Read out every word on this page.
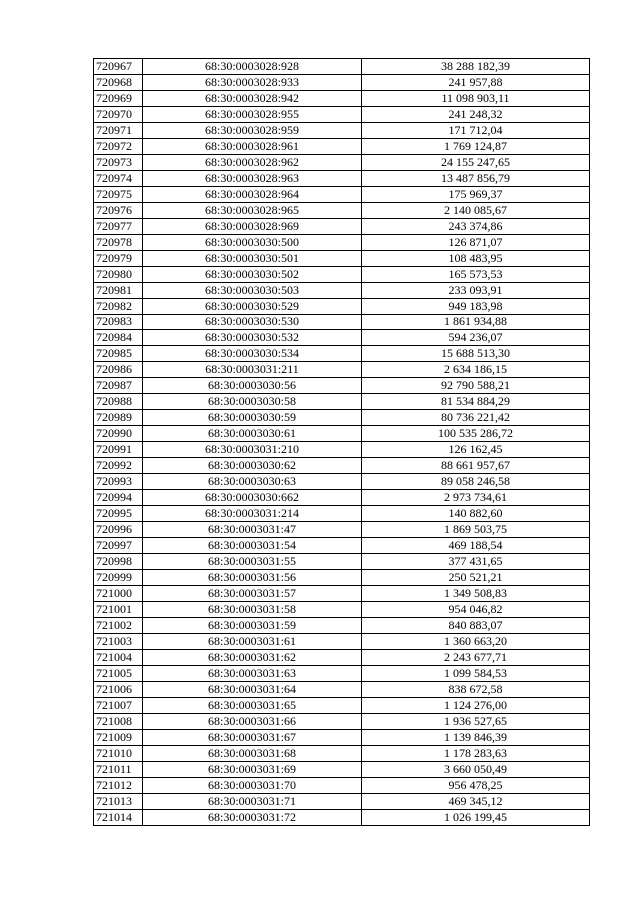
720967	68:30:0003028:928	38 288 182,39
720968	68:30:0003028:933	241 957,88
720969	68:30:0003028:942	11 098 903,11
720970	68:30:0003028:955	241 248,32
720971	68:30:0003028:959	171 712,04
720972	68:30:0003028:961	1 769 124,87
720973	68:30:0003028:962	24 155 247,65
720974	68:30:0003028:963	13 487 856,79
720975	68:30:0003028:964	175 969,37
720976	68:30:0003028:965	2 140 085,67
720977	68:30:0003028:969	243 374,86
720978	68:30:0003030:500	126 871,07
720979	68:30:0003030:501	108 483,95
720980	68:30:0003030:502	165 573,53
720981	68:30:0003030:503	233 093,91
720982	68:30:0003030:529	949 183,98
720983	68:30:0003030:530	1 861 934,88
720984	68:30:0003030:532	594 236,07
720985	68:30:0003030:534	15 688 513,30
720986	68:30:0003031:211	2 634 186,15
720987	68:30:0003030:56	92 790 588,21
720988	68:30:0003030:58	81 534 884,29
720989	68:30:0003030:59	80 736 221,42
720990	68:30:0003030:61	100 535 286,72
720991	68:30:0003031:210	126 162,45
720992	68:30:0003030:62	88 661 957,67
720993	68:30:0003030:63	89 058 246,58
720994	68:30:0003030:662	2 973 734,61
720995	68:30:0003031:214	140 882,60
720996	68:30:0003031:47	1 869 503,75
720997	68:30:0003031:54	469 188,54
720998	68:30:0003031:55	377 431,65
720999	68:30:0003031:56	250 521,21
721000	68:30:0003031:57	1 349 508,83
721001	68:30:0003031:58	954 046,82
721002	68:30:0003031:59	840 883,07
721003	68:30:0003031:61	1 360 663,20
721004	68:30:0003031:62	2 243 677,71
721005	68:30:0003031:63	1 099 584,53
721006	68:30:0003031:64	838 672,58
721007	68:30:0003031:65	1 124 276,00
721008	68:30:0003031:66	1 936 527,65
721009	68:30:0003031:67	1 139 846,39
721010	68:30:0003031:68	1 178 283,63
721011	68:30:0003031:69	3 660 050,49
721012	68:30:0003031:70	956 478,25
721013	68:30:0003031:71	469 345,12
721014	68:30:0003031:72	1 026 199,45
